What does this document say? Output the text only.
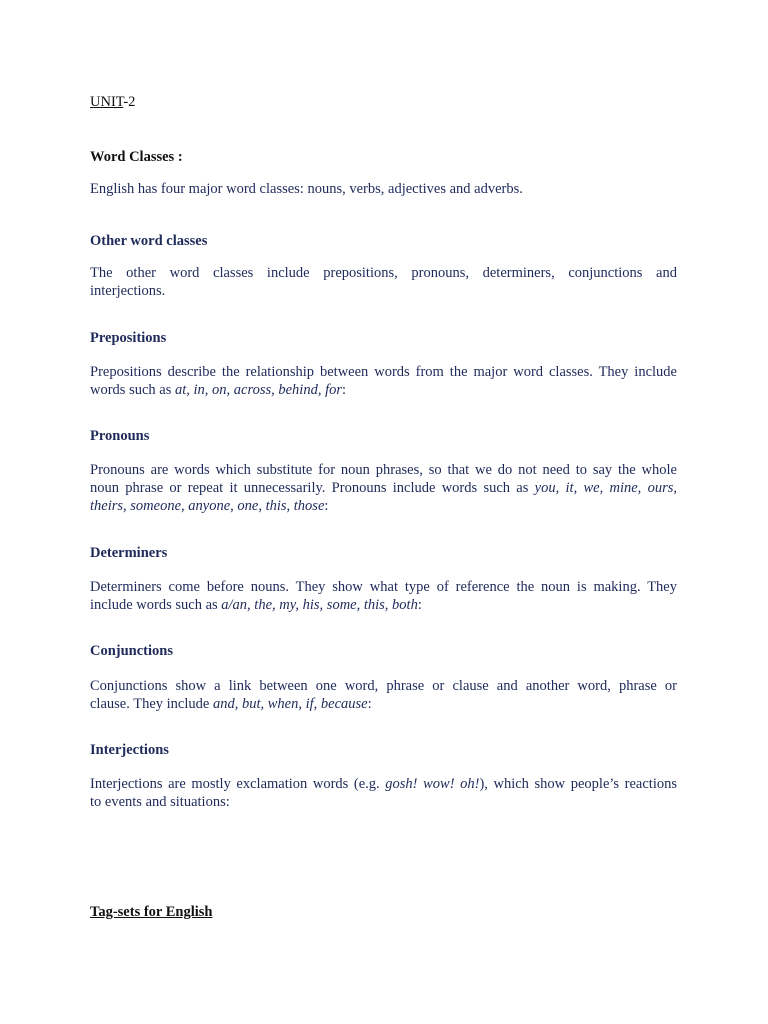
UNIT-2

Word Classes :

English has four major word classes: nouns, verbs, adjectives and adverbs.

Other word classes

The other word classes include prepositions, pronouns, determiners, conjunctions and
interjections.

Prepositions

Prepositions describe the relationship between words from the major word classes. They include
words such as at, in, on, across, behind, for:

Pronouns

Pronouns are words which substitute for noun phrases, so that we do not need to say the whole
noun phrase or repeat it unnecessarily. Pronouns include words such as you, it, we, mine, ours,
theirs, someone, anyone, one, this, those:

Determiners

Determiners come before nouns. They show what type of reference the noun is making. They
include words such as a/an, the, my, his, some, this, both:

Conjunctions

Conjunctions show a link between one word, phrase or clause and another word, phrase or
clause. They include and, but, when, if, because:

Interjections

Interjections are mostly exclamation words (e.g. gosh! wow! oh!), which show people’s reactions
to events and situations:

Tag-sets for English
